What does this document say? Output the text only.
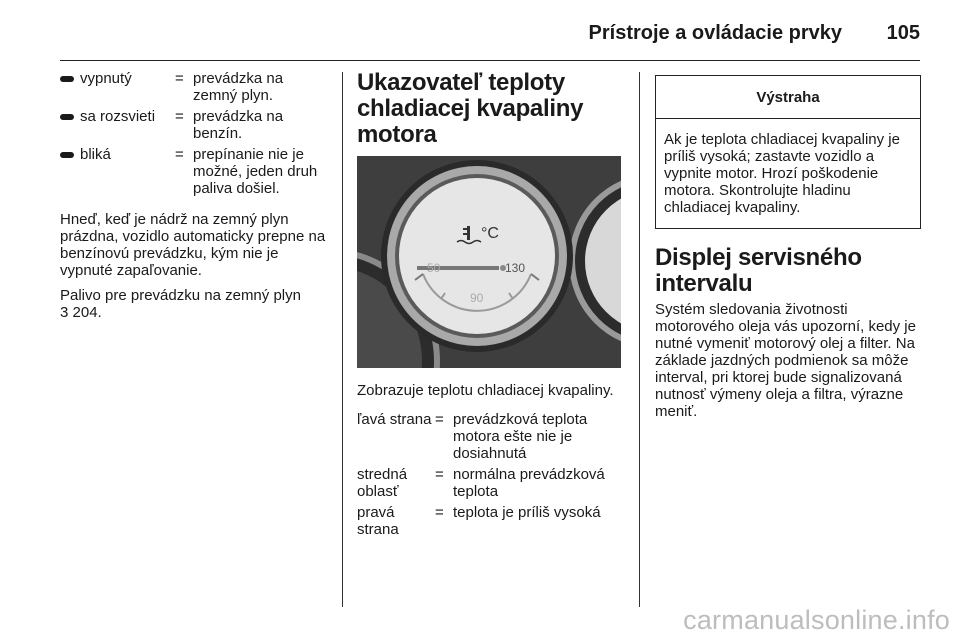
Prístroje a ovládacie prvky 105
vypnutý	= prevádzka na zemný plyn.
sa rozsvieti = prevádzka na benzín.
bliká	= prepínanie nie je možné, jeden druh paliva došiel.

Hneď, keď je nádrž na zemný plyn prázdna, vozidlo automaticky prepne na benzínovú prevádzku, kým nie je vypnuté zapaľovanie.

Palivo pre prevádzku na zemný plyn
3 204.

Ukazovateľ teploty chladiacej kvapaliny motora
°C
50	130
90

Zobrazuje teplotu chladiacej kvapaliny.

ľavá strana = prevádzková teplota motora ešte nie je dosiahnutá
stredná oblasť
= normálna prevádzková teplota
pravá strana
= teplota je príliš vysoká
Výstraha
Ak je teplota chladiacej kvapaliny je príliš vysoká; zastavte vozidlo a vypnite motor. Hrozí poškodenie motora. Skontrolujte hladinu chladiacej kvapaliny.
Displej servisného intervalu

Systém sledovania životnosti motorového oleja vás upozorní, kedy je nutné vymeniť motorový olej a filter. Na základe jazdných podmienok sa môže interval, pri ktorej bude signalizovaná nutnosť výmeny oleja a filtra, výrazne meniť.

carmanualsonline.info
